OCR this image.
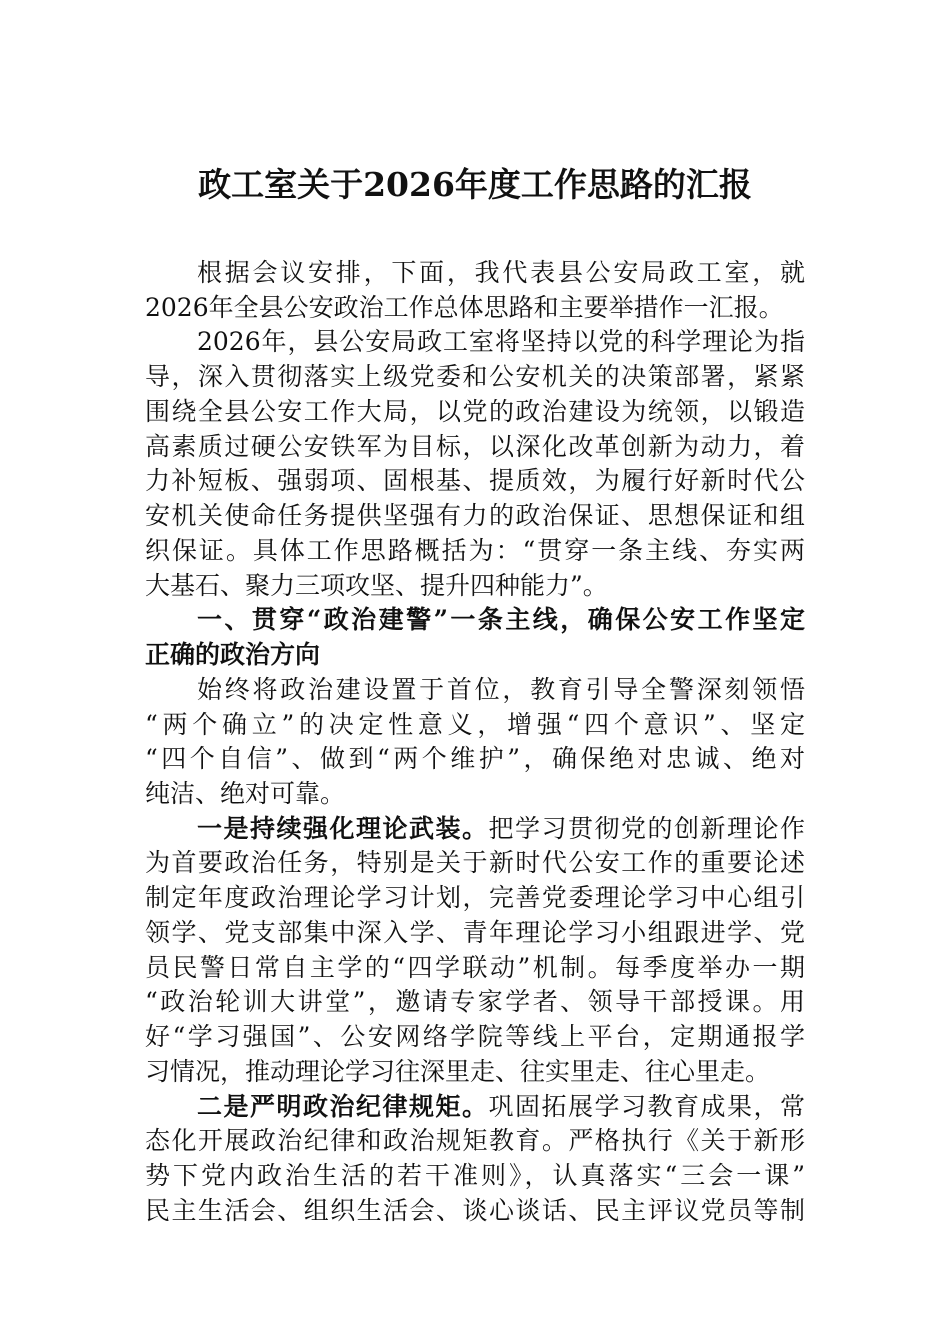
政工室关于2026年度工作思路的汇报
根据会议安排，下面，我代表县公安局政工室，就
2026年全县公安政治工作总体思路和主要举措作一汇报。
2026年，县公安局政工室将坚持以党的科学理论为指
导，深入贯彻落实上级党委和公安机关的决策部署，紧紧
围绕全县公安工作大局，以党的政治建设为统领，以锻造
高素质过硬公安铁军为目标，以深化改革创新为动力，着
力补短板、强弱项、固根基、提质效，为履行好新时代公
安机关使命任务提供坚强有力的政治保证、思想保证和组
织保证。具体工作思路概括为：“贯穿一条主线、夯实两
大基石、聚力三项攻坚、提升四种能力”。
一、贯穿“政治建警”一条主线，确保公安工作坚定
正确的政治方向
始终将政治建设置于首位，教育引导全警深刻领悟
“两个确立”的决定性意义，增强“四个意识”、坚定
“四个自信”、做到“两个维护”，确保绝对忠诚、绝对
纯洁、绝对可靠。
一是持续强化理论武装。把学习贯彻党的创新理论作
为首要政治任务，特别是关于新时代公安工作的重要论述
制定年度政治理论学习计划，完善党委理论学习中心组引
领学、党支部集中深入学、青年理论学习小组跟进学、党
员民警日常自主学的“四学联动”机制。每季度举办一期
“政治轮训大讲堂”，邀请专家学者、领导干部授课。用
好“学习强国”、公安网络学院等线上平台，定期通报学
习情况，推动理论学习往深里走、往实里走、往心里走。
二是严明政治纪律规矩。巩固拓展学习教育成果，常
态化开展政治纪律和政治规矩教育。严格执行《关于新形
势下党内政治生活的若干准则》，认真落实“三会一课”
民主生活会、组织生活会、谈心谈话、民主评议党员等制
